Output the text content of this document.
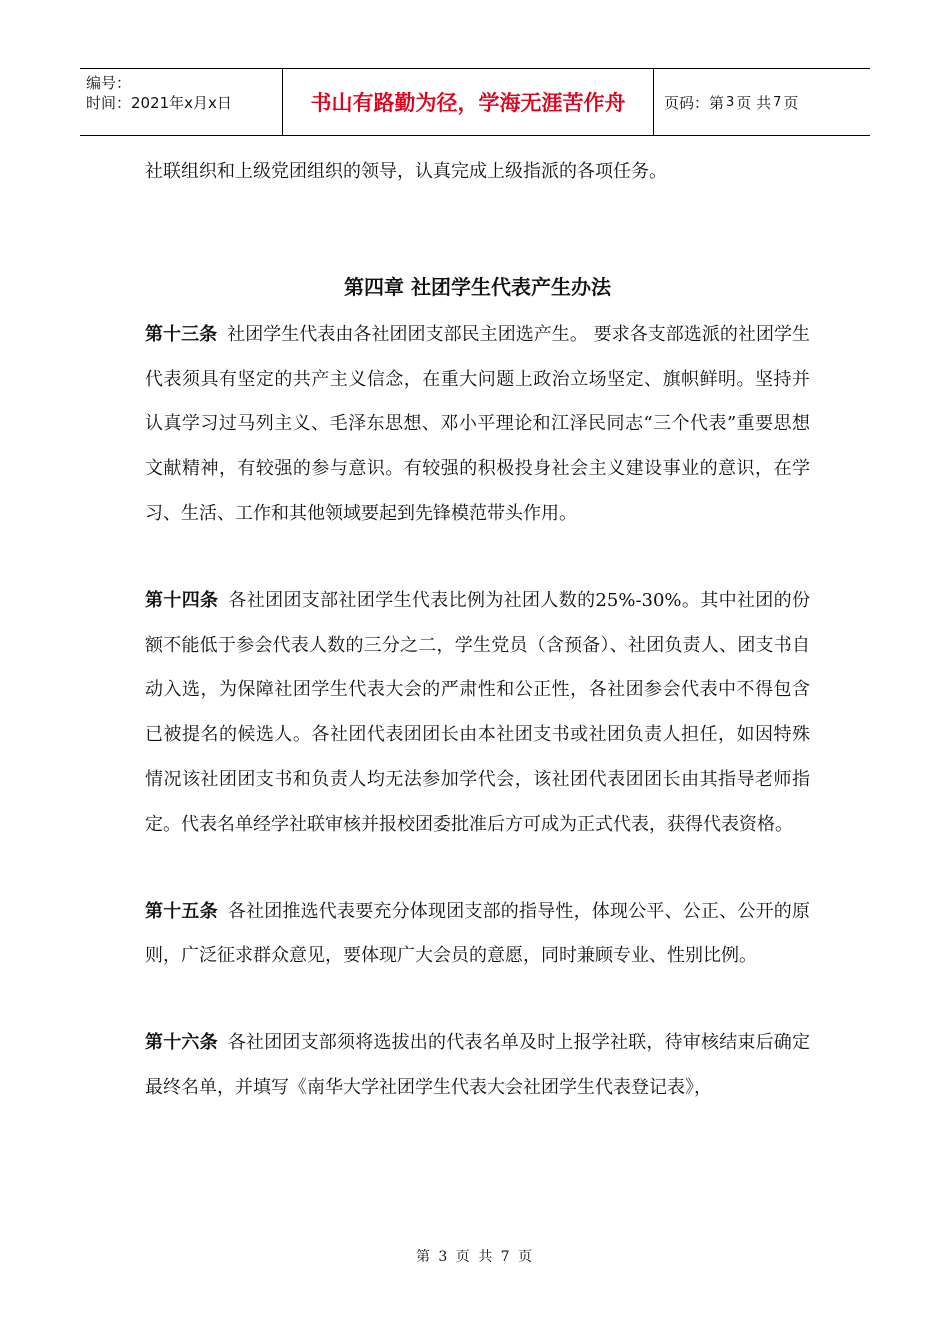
编号：
时间：2021年x月x日	书山有路勤为径，学海无涯苦作舟	页码：第 3 页 共 7 页

社联组织和上级党团组织的领导，认真完成上级指派的各项任务。

第四章 社团学生代表产生办法

第十三条 社团学生代表由各社团团支部民主团选产生。 要求各支部选派的社团学生代表须具有坚定的共产主义信念，在重大问题上政治立场坚定、旗帜鲜明。坚持并认真学习过马列主义、毛泽东思想、邓小平理论和江泽民同志“三个代表”重要思想文献精神，有较强的参与意识。有较强的积极投身社会主义建设事业的意识，在学习、生活、工作和其他领域要起到先锋模范带头作用。

第十四条 各社团团支部社团学生代表比例为社团人数的25%-30%。其中社团的份额不能低于参会代表人数的三分之二，学生党员（含预备）、社团负责人、团支书自动入选，为保障社团学生代表大会的严肃性和公正性，各社团参会代表中不得包含已被提名的候选人。各社团代表团团长由本社团支书或社团负责人担任，如因特殊情况该社团团支书和负责人均无法参加学代会，该社团代表团团长由其指导老师指定。代表名单经学社联审核并报校团委批准后方可成为正式代表，获得代表资格。

第十五条 各社团推选代表要充分体现团支部的指导性，体现公平、公正、公开的原则，广泛征求群众意见，要体现广大会员的意愿，同时兼顾专业、性别比例。

第十六条 各社团团支部须将选拔出的代表名单及时上报学社联，待审核结束后确定最终名单，并填写《南华大学社团学生代表大会社团学生代表登记表》，

第 3 页 共 7 页
